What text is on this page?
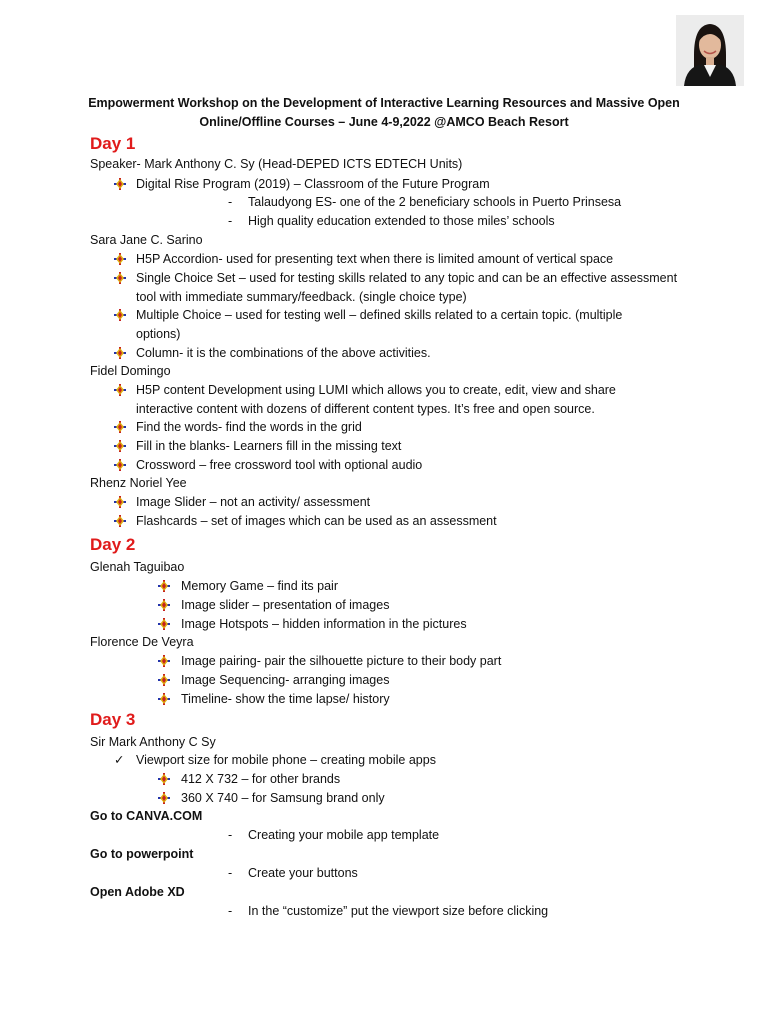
Empowerment Workshop on the Development of Interactive Learning Resources and Massive Open
Online/Offline Courses – June 4-9,2022 @AMCO Beach Resort
Day 1
Speaker- Mark Anthony C. Sy (Head-DEPED ICTS EDTECH Units)
Digital Rise Program (2019) – Classroom of the Future Program
- Talaudyong ES- one of the 2 beneficiary schools in Puerto Prinsesa
- High quality education extended to those miles’ schools
Sara Jane C. Sarino
H5P Accordion- used for presenting text when there is limited amount of vertical space
Single Choice Set – used for testing skills related to any topic and can be an effective assessment
tool with immediate summary/feedback. (single choice type)
Multiple Choice – used for testing well – defined skills related to a certain topic. (multiple
options)
Column- it is the combinations of the above activities.
Fidel Domingo
H5P content Development using LUMI which allows you to create, edit, view and share
interactive content with dozens of different content types. It’s free and open source.
Find the words- find the words in the grid
Fill in the blanks- Learners fill in the missing text
Crossword – free crossword tool with optional audio
Rhenz Noriel Yee
Image Slider – not an activity/ assessment
Flashcards – set of images which can be used as an assessment
Day 2
Glenah Taguibao
Memory Game – find its pair
Image slider – presentation of images
Image Hotspots – hidden information in the pictures
Florence De Veyra
Image pairing- pair the silhouette picture to their body part
Image Sequencing- arranging images
Timeline- show the time lapse/ history
Day 3
Sir Mark Anthony C Sy
✓ Viewport size for mobile phone – creating mobile apps
412 X 732 – for other brands
360 X 740 – for Samsung brand only
Go to CANVA.COM
- Creating your mobile app template
Go to powerpoint
- Create your buttons
Open Adobe XD
- In the “customize” put the viewport size before clicking
